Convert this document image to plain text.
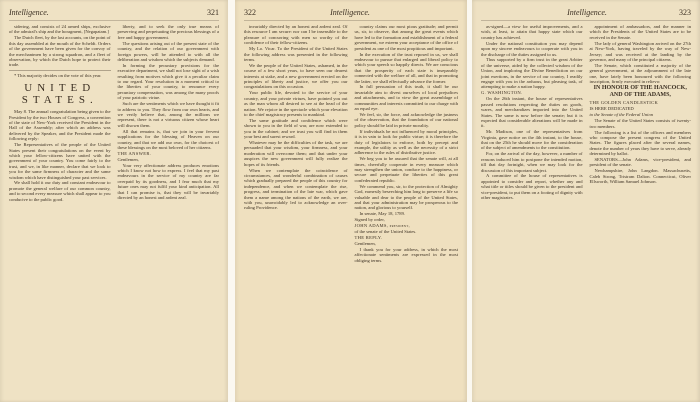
Intelligence.	321

sidering, and consists of 24 armed ships, exclusive of the admiral's ship and the horagment, [Negapatam.]

The Dutch fleet, by the last accounts, on the point of this day assembled at the mouth of the Scheldt. Orders of the government have been given for the convoy of the merchantmen by a strong squadron, and a fleet of observation, by which the Dutch hope to protect their trade.

* This majority decides on the vote of this year.

UNITED STATES.

May 8. The annual congratulation being given to the President by the two Houses of Congress, a convention of the state of New-York received the President in the Hall of the Assembly; after which an address was delivered by the Speaker, and the President made the following reply:

The Representatives of the people of the United States present their congratulations on the event by which your fellow-citizens have united with the government of your country. You come fairly to the trust, and we, in like manner, declare that we look to you for the same firmness of character and the same wisdom which have distinguished your past services.

We shall hold it our duty and constant endeavour to promote the general welfare of our common country, and to second every measure which shall appear to you conducive to the public good.

liberty, and to seek the only true means of preserving and perpetuating the precious blessings of a free and happy government.

The questions arising out of the present state of the country, and the relation of our government with foreign powers, will be attended to with all the deliberation and wisdom which the subjects demand.

In forming the pecuniary provisions for the executive department, we shall not lose sight of a wish resulting from motives which give it a peculiar claim to our regard. Your resolution in a moment critical to the liberties of your country, to renounce every pecuniary compensation, was among the many proofs of your patriotic virtue.

Such are the sentiments which we have thought it fit to address to you. They flow from our own hearts, and we verily believe that, among the millions we represent, there is not a virtuous citizen whose heart will disown them.

All that remains is, that we join in your fervent supplications for the blessing of Heaven on our country, and that we add our own, for the choicest of these blessings on the most beloved of her citizens.

THE ANSWER.

Gentlemen,

Your very affectionate address produces emotions which I know not how to express. I feel that my past endeavours in the service of my country are far overpaid by its goodness, and I fear much that my future ones may not fulfil your kind anticipation. All that I can promise is, that they will be invariably directed by an honest and ardent zeal.

322	Intelligence.

invariably directed by an honest and ardent zeal. Of this resource I am secure: nor can I be insensible to the pleasure of concurring with men so worthy of the confidence of their fellow-citizens.

My Lo. Vicar. To the President of the United States the following address was presented in the following terms.

We the people of the United States, ashamed, in the course of a few short years, to have seen our dearest interests at stake, and a new government erected on the principles of liberty and justice, we offer you our congratulations on this occasion.

Your public life, devoted to the service of your country, and your private virtues, have pointed you out as the man whom all desired to see at the head of the nation. We rejoice in the spectacle which your elevation to the chief magistracy presents to mankind.

The same gratitude and confidence which were shown to you in the field of war, are now extended to you in the cabinet; and we trust you will find in them your best and surest reward.

Whatever may be the difficulties of the task, we are persuaded that your wisdom, your firmness, and your moderation will overcome them; and that under your auspices the new government will fully realize the hopes of its friends.

When we contemplate the coincidence of circumstances, and wonderful combination of causes which gradually prepared the people of this country for independence, and when we contemplate the rise, progress, and termination of the late war, which gave them a name among the nations of the earth, we are, with you, unavoidably led to acknowledge an over-ruling Providence.

country claims our most pious gratitude; and permit us, sir, to observe, that among the great events which have led to the formation and establishment of a federal government, we esteem your acceptance of the office of president as one of the most propitious and important.

In the execution of the trust reposed in us, we shall endeavour to pursue that enlarged and liberal policy to which your speech so happily directs. We are conscious that the prosperity of each state is inseparably connected with the welfare of all, and that in promoting the latter, we shall effectually advance the former.

In full persuasion of this truth, it shall be our invariable aim to divest ourselves of local prejudices and attachments, and to view the great assemblage of communities and interests committed to our charge with an equal eye.

We feel, sir, the force, and acknowledge the justness of the observation, that the foundation of our national policy should be laid in private morality.

If individuals be not influenced by moral principles, it is in vain to look for public virtue; it is therefore the duty of legislators to enforce, both by precept and example, the utility as well as the necessity of a strict adherence to the rules of distributive justice.

We beg you to be assured that the senate will, at all times, cheerfully cooperate in every measure which may strengthen the union, conduce to the happiness, or secure and perpetuate the liberties of this great confederated republic.

We commend you, sir, to the protection of Almighty God, earnestly beseeching him long to preserve a life so valuable and dear to the people of the United States, and that your administration may be prosperous to the nation, and glorious to yourself.

In senate, May 18, 1789.

Signed by order,

JOHN ADAMS, president,

of the senate of the United States.

THE REPLY.

Gentlemen,

I thank you for your address, in which the most affectionate sentiments are expressed in the most obliging terms.

Intelligence.	323

as-signed—a view for useful improvements, and a wish, at least, to attain that happy state which our country has achieved.

Under the national constitution you may depend upon my sincere endeavours to cooperate with you in the discharge of the duties assigned to us.

Thus supported by a firm trust in the great Arbiter of the universe, aided by the collected wisdom of the Union, and imploring the Divine Benediction on our joint exertions, in the service of our country, I readily engage with you in the arduous, but pleasing task, of attempting to make a nation happy.

G. WASHINGTON.

On the 26th instant, the house of representatives passed resolutions respecting the duties on goods, wares, and merchandizes imported into the United States. The same is now before the senate; but it is expected that considerable alterations will be made in it.

Mr. Madison, one of the representatives from Virginia, gave notice on the 4th instant, to the house, that on the 25th he should move for the consideration of the subject of amendments to the constitution.

For, on the arrival of the day, however, a number of reasons induced him to postpone the intended motion, till that day fortnight, when we may look for the discussion of this important subject.

A committee of the house of representatives is appointed to consider and report, whether any and what title or titles should be given to the president and vice-president, to put them on a footing of dignity with other magistrates.

appointment of ambassadors, and the manner in which the Presidents of the United States are to be received in the Senate.

The lady of general Washington arrived on the 27th at New-York, having traveled by the way of New-Jersey; and was received at the landing by the governor, and many of the principal citizens.

The Senate, which constituted a majority of the general government, at the adjournment of the late one, have lately been honoured with the following inscription, firmly executed in relievo:

IN HONOUR OF THE HANCOCK, AND OF THE ADAMS,

THE GOLDEN CANDLESTICK

IS HERE DEDICATED

to the Senate of the Federal Union

The Senate of the United States consists of twenty-two members.

The following is a list of the officers and members who compose the present congress of the United States. The figures placed after the several names, denote the number of years they have to serve, already determined by ballot.

SENATORS—John Adams, vice-president, and president of the senate.

Newhampshire, John Langdon. Massachusetts, Caleb Strong, Tristram Dalton. Connecticut, Oliver Ellsworth, William Samuel Johnson.
